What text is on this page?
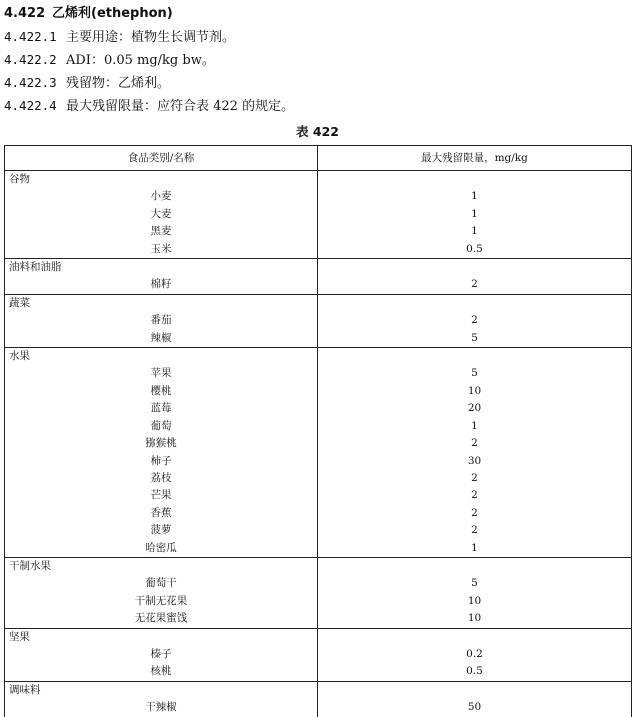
4.422 乙烯利(ethephon)
4.422.1 主要用途：植物生长调节剂。
4.422.2 ADI：0.05 mg/kg bw。
4.422.3 残留物：乙烯利。
4.422.4 最大残留限量：应符合表 422 的规定。
表 422
食品类别/名称	最大残留限量，mg/kg
谷物	
小麦	1
大麦	1
黑麦	1
玉米	0.5
油料和油脂	
棉籽	2
蔬菜	
番茄	2
辣椒	5
水果	
苹果	5
樱桃	10
蓝莓	20
葡萄	1
猕猴桃	2
柿子	30
荔枝	2
芒果	2
香蕉	2
菠萝	2
哈密瓜	1
干制水果	
葡萄干	5
干制无花果	10
无花果蜜饯	10
坚果	
榛子	0.2
核桃	0.5
调味料	
干辣椒	50
